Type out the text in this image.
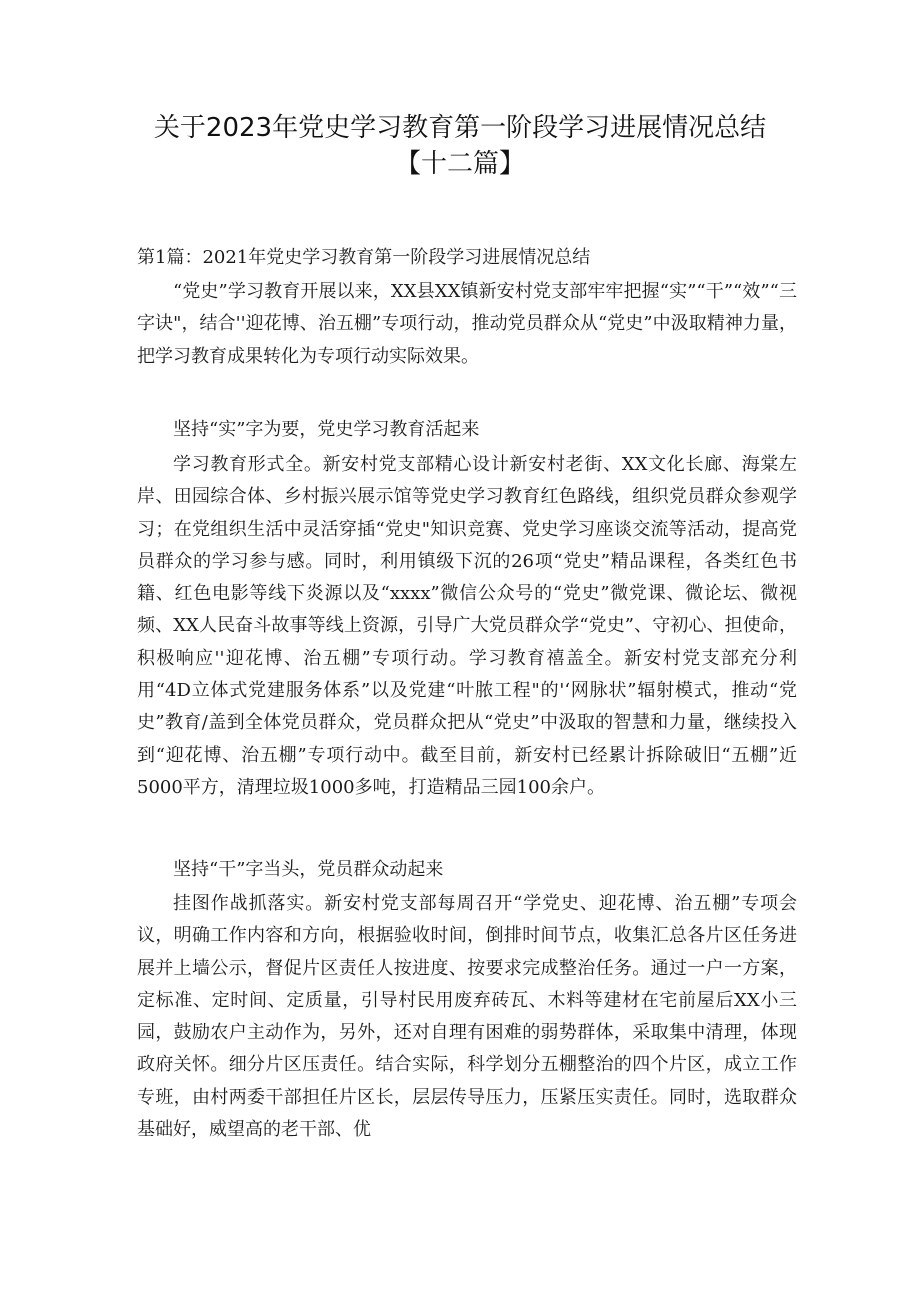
关于2023年党史学习教育第一阶段学习进展情况总结
【十二篇】

第1篇：2021年党史学习教育第一阶段学习进展情况总结

“党史”学习教育开展以来，XX县XX镇新安村党支部牢牢把握“实”“干”“效”“三字诀"，结合''迎花博、治五棚”专项行动，推动党员群众从“党史”中汲取精神力量，把学习教育成果转化为专项行动实际效果。

坚持“实”字为要，党史学习教育活起来

学习教育形式全。新安村党支部精心设计新安村老街、XX文化长廊、海棠左岸、田园综合体、乡村振兴展示馆等党史学习教育红色路线，组织党员群众参观学习；在党组织生活中灵活穿插“党史"知识竞赛、党史学习座谈交流等活动，提高党员群众的学习参与感。同时，利用镇级下沉的26项“党史”精品课程，各类红色书籍、红色电影等线下炎源以及“xxxx”微信公众号的“党史”微党课、微论坛、微视频、XX人民奋斗故事等线上资源，引导广大党员群众学“党史”、守初心、担使命，积极响应''迎花博、治五棚”专项行动。学习教育禧盖全。新安村党支部充分利用“4D立体式党建服务体系”以及党建“叶脓工程"的'‘网脉状”辐射模式，推动“党史”教育/盖到全体党员群众，党员群众把从“党史”中汲取的智慧和力量，继续投入到“迎花博、治五棚”专项行动中。截至目前，新安村已经累计拆除破旧“五棚”近5000平方，清理垃圾1000多吨，打造精品三园100余户。

坚持“干”字当头，党员群众动起来

挂图作战抓落实。新安村党支部每周召开“学党史、迎花博、治五棚”专项会议，明确工作内容和方向，根据验收时间，倒排时间节点，收集汇总各片区任务进展并上墙公示，督促片区责任人按进度、按要求完成整治任务。通过一户一方案，定标准、定时间、定质量，引导村民用废弃砖瓦、木料等建材在宅前屋后XX小三园，鼓励农户主动作为，另外，还对自理有困难的弱势群体，采取集中清理，体现政府关怀。细分片区压责任。结合实际，科学划分五棚整治的四个片区，成立工作专班，由村两委干部担任片区长，层层传导压力，压紧压实责任。同时，选取群众基础好，威望高的老干部、优
